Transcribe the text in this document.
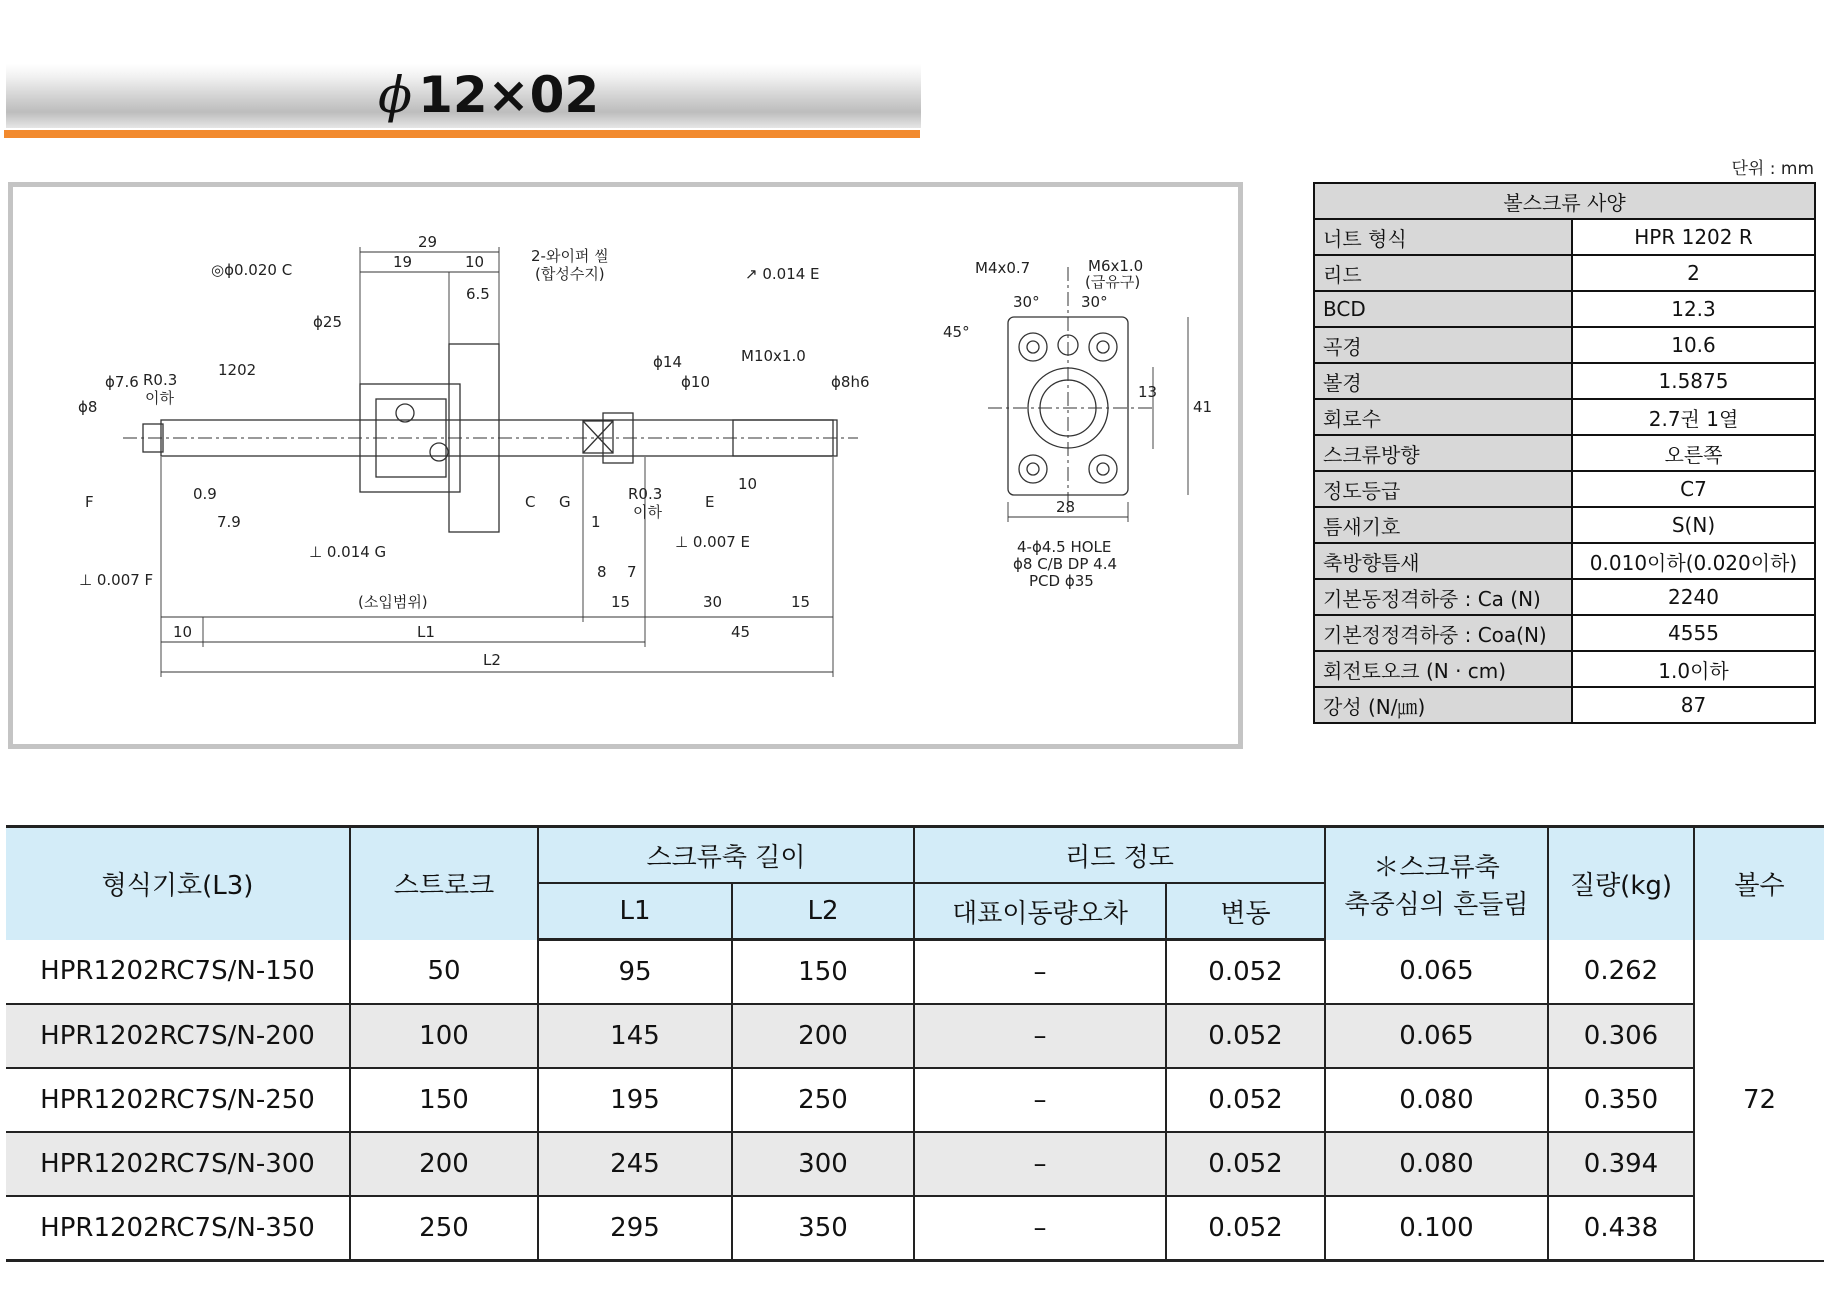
ϕ 12×02
단위 : mm
29
19	10
6.5
2-와이퍼 씰
(합성수지)
◎ϕ0.020 C	↗ 0.014 E
ϕ8
ϕ7.6
ϕ25
ϕ14
ϕ10	ϕ8h6
R0.3
이하
1202
M10x1.0
10
F	C G	E
0.9
7.9
⊥ 0.014 G
⊥ 0.007 F
⊥ 0.007 E
R0.3
이하
1
8 7
(소입범위)	15	30	15
45
10	L1
L2
M4x0.7	M6x1.0
(급유구)
30°	30°
45°
13
41
28
4-ϕ4.5 HOLE
ϕ8 C/B DP 4.4
PCD ϕ35
볼스크류 사양	
너트 형식	HPR 1202 R
리드	2
BCD	12.3
곡경	10.6
볼경	1.5875
회로수	2.7권 1열
스크류방향	오른쪽
정도등급	C7
틈새기호	S(N)
축방향틈새	0.010이하(0.020이하)
기본동정격하중 : Ca (N)	2240
기본정정격하중 : Coa(N)	4555
회전토오크 (N · cm)	1.0이하
강성 (N/㎛)	87
형식기호(L3)	스트로크	스크류축 길이		리드 정도		＊스크류축
축중심의 흔들림	질량(kg)	볼수
		L1	L2	대표이동량오차	변동			
HPR1202RC7S/N-150	50	95	150	–	0.052	0.065	0.262	72
HPR1202RC7S/N-200	100	145	200	–	0.052	0.065	0.306	
HPR1202RC7S/N-250	150	195	250	–	0.052	0.080	0.350	
HPR1202RC7S/N-300	200	245	300	–	0.052	0.080	0.394	
HPR1202RC7S/N-350	250	295	350	–	0.052	0.100	0.438	
